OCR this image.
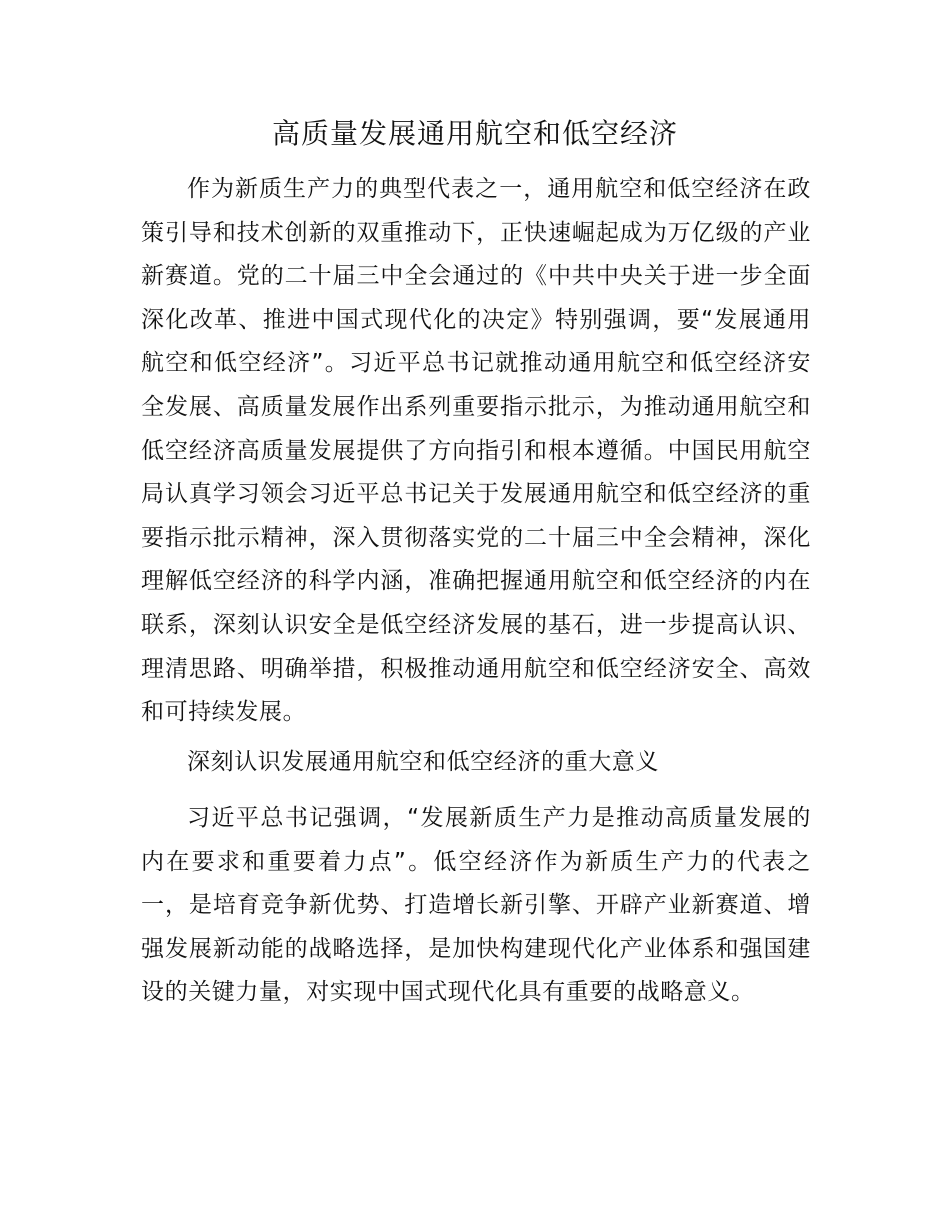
高质量发展通用航空和低空经济

作为新质生产力的典型代表之一，通用航空和低空经济在政策引导和技术创新的双重推动下，正快速崛起成为万亿级的产业新赛道。党的二十届三中全会通过的《中共中央关于进一步全面深化改革、推进中国式现代化的决定》特别强调，要“发展通用航空和低空经济”。习近平总书记就推动通用航空和低空经济安全发展、高质量发展作出系列重要指示批示，为推动通用航空和低空经济高质量发展提供了方向指引和根本遵循。中国民用航空局认真学习领会习近平总书记关于发展通用航空和低空经济的重要指示批示精神，深入贯彻落实党的二十届三中全会精神，深化理解低空经济的科学内涵，准确把握通用航空和低空经济的内在联系，深刻认识安全是低空经济发展的基石，进一步提高认识、理清思路、明确举措，积极推动通用航空和低空经济安全、高效和可持续发展。

深刻认识发展通用航空和低空经济的重大意义

习近平总书记强调，“发展新质生产力是推动高质量发展的内在要求和重要着力点”。低空经济作为新质生产力的代表之一，是培育竞争新优势、打造增长新引擎、开辟产业新赛道、增强发展新动能的战略选择，是加快构建现代化产业体系和强国建设的关键力量，对实现中国式现代化具有重要的战略意义。
